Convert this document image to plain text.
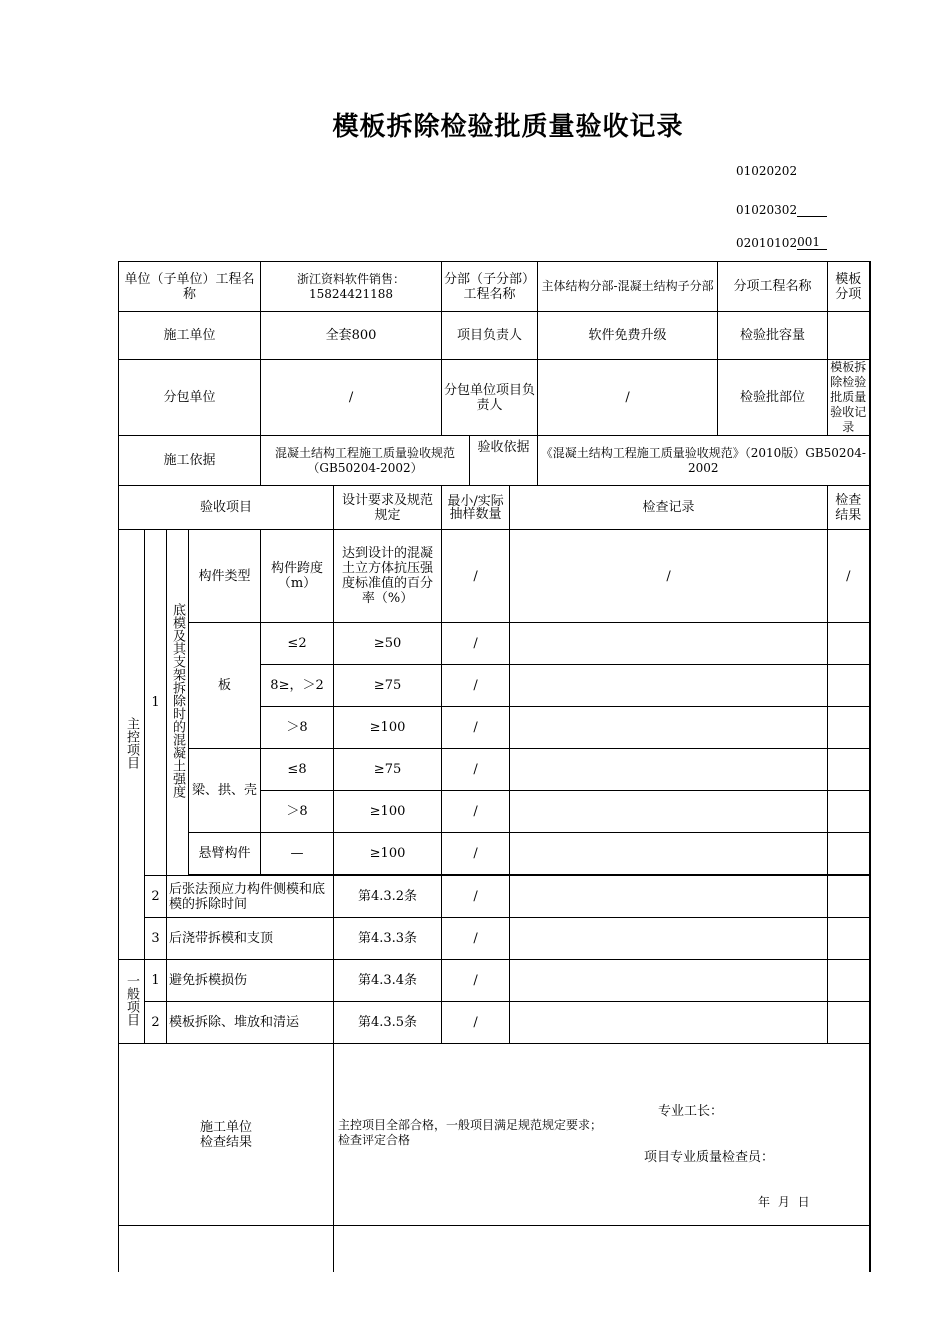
模板拆除检验批质量验收记录
01020202
01020302
02010102001
单位（子单位）工程名称				浙江资料软件销售：15824421188		分部（子分部）工程名称			主体结构分部-混凝土结构子分部	分项工程名称	模板分项
施工单位				全套800		项目负责人			软件免费升级	检验批容量	
分包单位				/		分包单位项目负责人			/	检验批部位	模板拆除检验批质量验收记录
施工依据				混凝土结构工程施工质量验收规范（GB50204-2002）			验收依据		《混凝土结构工程施工质量验收规范》（2010版）GB50204-2002		
验收项目					设计要求及规范规定	最小/实际抽样数量		检查记录			检查结果
主控项目	1	底模及其支架拆除时的混凝土强度	构件类型	构件跨度（m）	达到设计的混凝土立方体抗压强度标准值的百分率（%）	/		/			/
			板	≤2	≥50	/					
				8≥，＞2	≥75	/					
				＞8	≥100	/					
			梁、拱、壳	≤8	≥75	/					
				＞8	≥100	/					
			悬臂构件	—	≥100	/					

	2	后张法预应力构件侧模和底模的拆除时间			第4.3.2条	/					
	3	后浇带拆模和支顶			第4.3.3条	/					
一般项目	1	避免拆模损伤			第4.3.4条	/					
	2	模板拆除、堆放和清运			第4.3.5条	/					
施工单位检查结果					主控项目全部合格，一般项目满足规范规定要求；检查评定合格
专业工长：
项目专业质量检查员：
年 月 日						
